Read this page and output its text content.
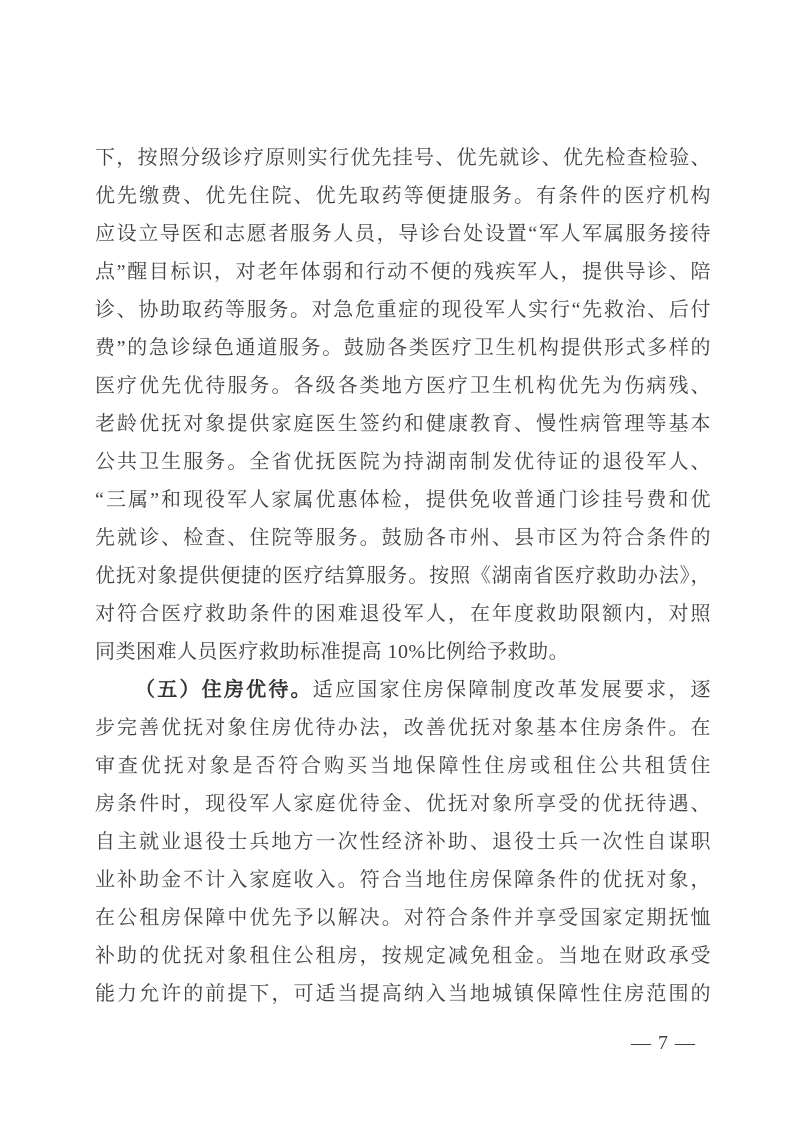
下，按照分级诊疗原则实行优先挂号、优先就诊、优先检查检验、
优先缴费、优先住院、优先取药等便捷服务。有条件的医疗机构
应设立导医和志愿者服务人员，导诊台处设置“军人军属服务接待
点”醒目标识，对老年体弱和行动不便的残疾军人，提供导诊、陪
诊、协助取药等服务。对急危重症的现役军人实行“先救治、后付
费”的急诊绿色通道服务。鼓励各类医疗卫生机构提供形式多样的
医疗优先优待服务。各级各类地方医疗卫生机构优先为伤病残、
老龄优抚对象提供家庭医生签约和健康教育、慢性病管理等基本
公共卫生服务。全省优抚医院为持湖南制发优待证的退役军人、
“三属”和现役军人家属优惠体检，提供免收普通门诊挂号费和优
先就诊、检查、住院等服务。鼓励各市州、县市区为符合条件的
优抚对象提供便捷的医疗结算服务。按照《湖南省医疗救助办法》，
对符合医疗救助条件的困难退役军人，在年度救助限额内，对照
同类困难人员医疗救助标准提高 10%比例给予救助。
（五）住房优待。适应国家住房保障制度改革发展要求，逐
步完善优抚对象住房优待办法，改善优抚对象基本住房条件。在
审查优抚对象是否符合购买当地保障性住房或租住公共租赁住
房条件时，现役军人家庭优待金、优抚对象所享受的优抚待遇、
自主就业退役士兵地方一次性经济补助、退役士兵一次性自谋职
业补助金不计入家庭收入。符合当地住房保障条件的优抚对象，
在公租房保障中优先予以解决。对符合条件并享受国家定期抚恤
补助的优抚对象租住公租房，按规定减免租金。当地在财政承受
能力允许的前提下，可适当提高纳入当地城镇保障性住房范围的
— 7 —
